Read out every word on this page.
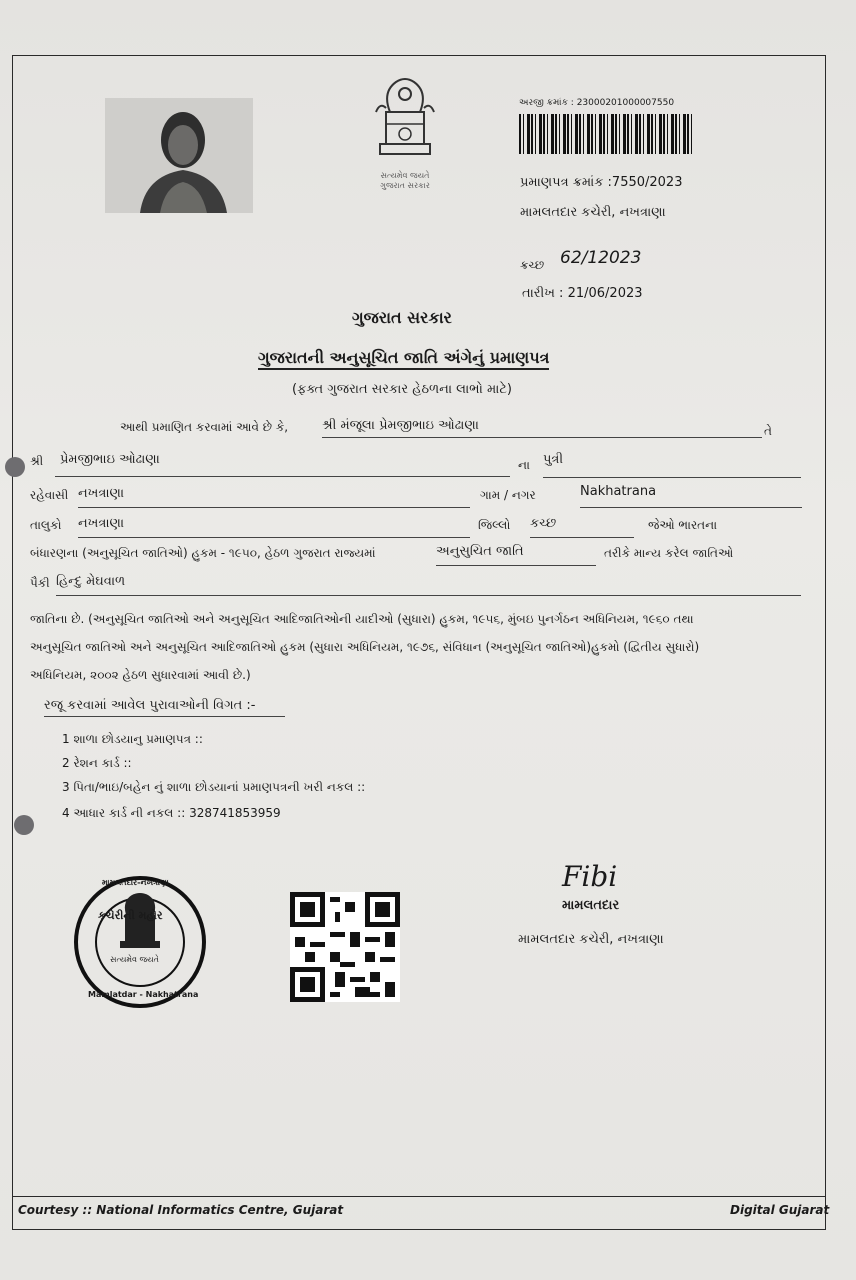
સત્યમેવ જયતે
ગુજરાત સરકાર
અરજી ક્રમાંક : 23000201000007550
પ્રમાણપત્ર ક્રમાંક :7550/2023
મામલતદાર કચેરી, નખત્રાણા
ક્રચ્છ 62/12023
તારીખ : 21/06/2023
ગુજરાત સરકાર
ગુજરાતની અનુસૂચિત જાતિ અંગેનું પ્રમાણપત્ર
(ફક્ત ગુજરાત સરકાર હેઠળના લાભો માટે)
આથી પ્રમાણિત કરવામાં આવે છે કે,	શ્રી મંજૂલા પ્રેમજીભાઇ ઓઢાણા	તે
શ્રી પ્રેમજીભાઇ ઓઢાણા	ના પુત્રી
રહેવાસી નખત્રાણા	ગામ / નગર	Nakhatrana
તાલુકો નખત્રાણા	જિલ્લો કચ્છ	જેઓ ભારતના
બંધારણના (અનુસૂચિત જાતિઓ) હુકમ - ૧૯૫૦, હેઠળ ગુજરાત રાજ્યમાં	અનુસુચિત જાતિ	તરીકે માન્ય કરેલ જાતિઓ
પૈકી હિન્દુ મેઘવાળ
જાતિના છે. (અનુસૂચિત જાતિઓ અને અનુસૂચિત આદિજાતિઓની યાદીઓ (સુધારા) હુકમ, ૧૯૫૬, મુંબઇ પુનર્ગઠન અધિનિયમ, ૧૯૬૦ તથા
અનુસૂચિત જાતિઓ અને અનુસૂચિત આદિજાતિઓ હુકમ (સુધારા અધિનિયમ, ૧૯૭૬, સંવિધાન (અનુસૂચિત જાતિઓ)હુકમો (દ્વિતીય સુધારો)
અધિનિયમ, ૨૦૦૨ હેઠળ સુધારવામાં આવી છે.)
રજૂ કરવામાં આવેલ પુરાવાઓની વિગત :-
1 શાળા છોડયાનુ પ્રમાણપત્ર ::
2 રેશન કાર્ડ ::
3 પિતા/ભાઇ/બહેન નું શાળા છોડયાનાં પ્રમાણપત્રની ખરી નકલ ::
4 આધાર કાર્ડ ની નકલ :: 328741853959
કચેરીની મહોર
સત્યમેવ જયતે
મામલતદાર-નખત્રાણા
Mamlatdar - Nakhatrana
Fibi
મામલતદાર
મામલતદાર કચેરી, નખત્રાણા
Courtesy :: National Informatics Centre, Gujarat	Digital Gujarat
